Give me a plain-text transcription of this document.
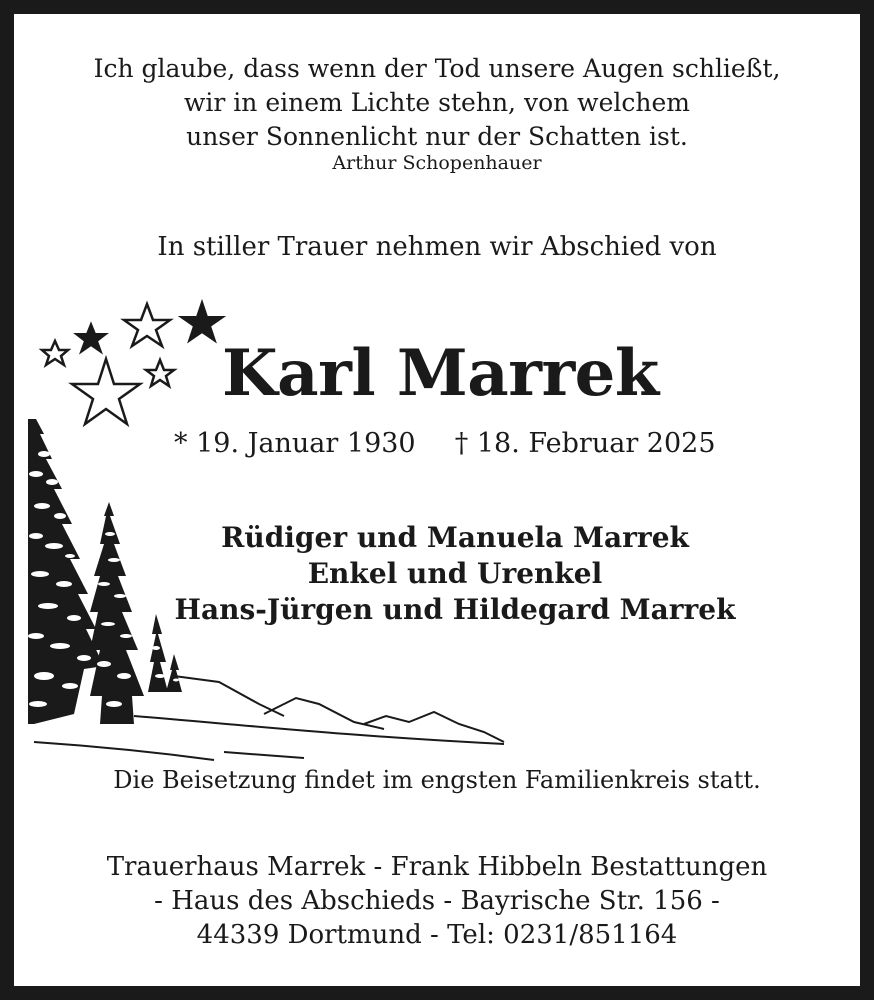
Ich glaube, dass wenn der Tod unsere Augen schließt,
wir in einem Lichte stehn, von welchem
unser Sonnenlicht nur der Schatten ist.
Arthur Schopenhauer
In stiller Trauer nehmen wir Abschied von
Karl Marrek
* 19. Januar 1930 † 18. Februar 2025
Rüdiger und Manuela Marrek
Enkel und Urenkel
Hans-Jürgen und Hildegard Marrek
Die Beisetzung findet im engsten Familienkreis statt.
Trauerhaus Marrek - Frank Hibbeln Bestattungen
- Haus des Abschieds - Bayrische Str. 156 -
44339 Dortmund - Tel: 0231/851164
